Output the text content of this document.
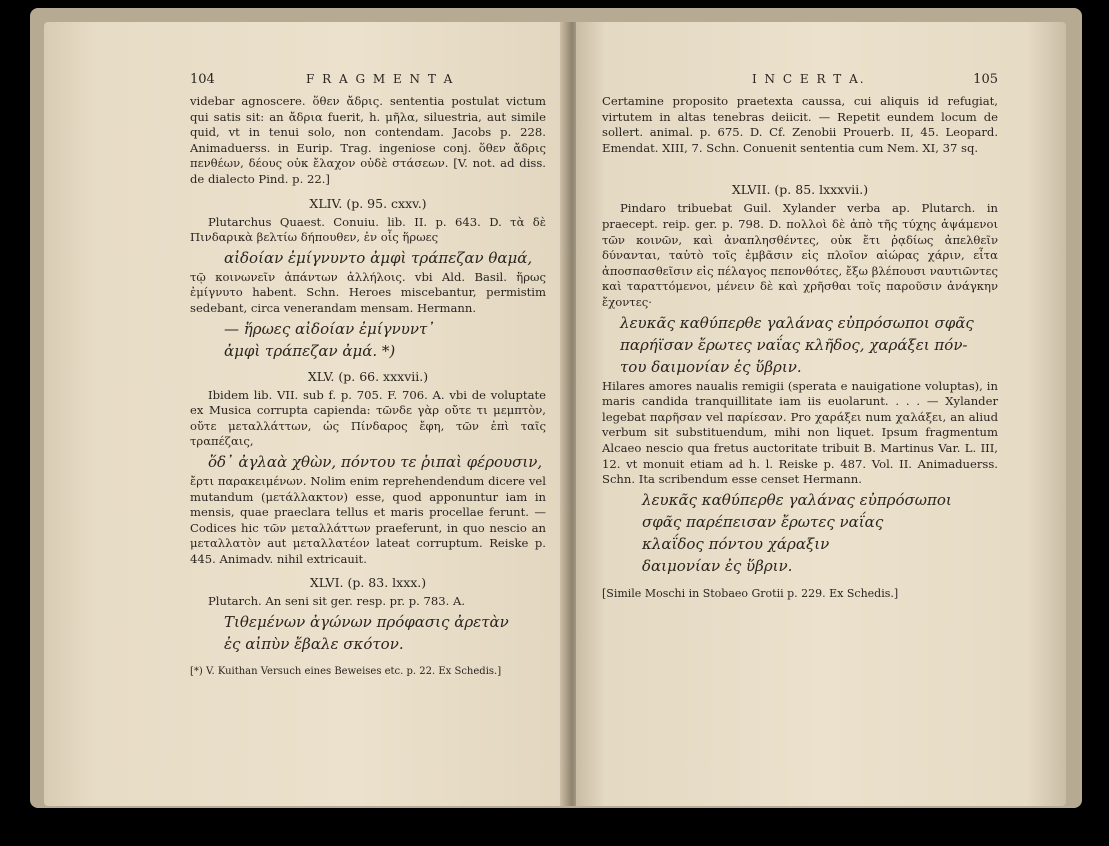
104	F R A G M E N T A

videbar agnoscere. ὅθεν ἄδρις. sententia postulat victum qui satis sit: an ἄδρια fuerit, h. μῆλα, siluestria, aut simile quid, vt in tenui solo, non contendam. Jacobs p. 228. Animaduerss. in Eurip. Trag. ingeniose conj. ὅθεν ἄδρις πενθέων, δέους οὐκ ἔλαχον οὐδὲ στάσεων. [V. not. ad diss. de dialecto Pind. p. 22.]

XLIV. (p. 95. cxxv.)

Plutarchus Quaest. Conuiu. lib. II. p. 643. D. τὰ δὲ Πινδαρικὰ βελτίω δήπουθεν, ἐν οἷς ἥρωες

αἰδοίαν ἐμίγνυντο ἀμφὶ τράπεζαν θαμά,

τῷ κοινωνεῖν ἁπάντων ἀλλήλοις. vbi Ald. Basil. ἥρως ἐμίγνυτο habent. Schn. Heroes miscebantur, permistim sedebant, circa venerandam mensam. Hermann.

— ἥρωες αἰδοίαν ἐμίγνυντ᾽
ἀμφὶ τράπεζαν ἀμά. *)
XLV. (p. 66. xxxvii.)

Ibidem lib. VII. sub f. p. 705. F. 706. A. vbi de voluptate ex Musica corrupta capienda: τῶνδε γὰρ οὔτε τι μεμπτὸν, οὔτε μεταλλάττων, ὡς Πίνδαρος ἔφη, τῶν ἐπὶ ταῖς τραπέζαις,

ὅδ᾽ ἀγλαὰ χθὼν, πόντου τε ῥιπαὶ φέρουσιν,

ἔρτι παρακειμένων. Nolim enim reprehendendum dicere vel mutandum (μετάλλακτον) esse, quod apponuntur iam in mensis, quae praeclara tellus et maris procellae ferunt. — Codices hic τῶν μεταλλάττων praeferunt, in quo nescio an μεταλλατὸν aut μεταλλατέον lateat corruptum. Reiske p. 445. Animadv. nihil extricauit.

XLVI. (p. 83. lxxx.)

Plutarch. An seni sit ger. resp. pr. p. 783. A.

Τιθεμένων ἀγώνων πρόφασις ἀρετὰν
ἐς αἰπὺν ἔβαλε σκότον.

[*) V. Kuithan Versuch eines Beweises etc. p. 22. Ex Schedis.]

I N C E R T A.	105

Certamine proposito praetexta caussa, cui aliquis id refugiat, virtutem in altas tenebras deiicit. — Repetit eundem locum de sollert. animal. p. 675. D. Cf. Zenobii Prouerb. II, 45. Leopard. Emendat. XIII, 7. Schn. Conuenit sententia cum Nem. XI, 37 sq.

XLVII. (p. 85. lxxxvii.)

Pindaro tribuebat Guil. Xylander verba ap. Plutarch. in praecept. reip. ger. p. 798. D. πολλοὶ δὲ ἀπὸ τῆς τύχης ἁψάμενοι τῶν κοινῶν, καὶ ἀναπλησθέντες, οὐκ ἔτι ῥᾳδίως ἀπελθεῖν δύνανται, ταὐτὸ τοῖς ἐμβᾶσιν εἰς πλοῖον αἰώρας χάριν, εἶτα ἀποσπασθεῖσιν εἰς πέλαγος πεπονθότες, ἔξω βλέπουσι ναυτιῶντες καὶ ταραττόμενοι, μένειν δὲ καὶ χρῆσθαι τοῖς παροῦσιν ἀνάγκην ἔχοντες·

λευκᾶς καθύπερθε γαλάνας εὐπρόσωποι σφᾶς
παρήϊσαν ἔρωτες ναΐας κλῆδος, χαράξει πόν-
του δαιμονίαν ἐς ὕβριν.

Hilares amores naualis remigii (sperata e nauigatione voluptas), in maris candida tranquillitate iam iis euolarunt. . . . — Xylander legebat παρῆσαν vel παρίεσαν. Pro χαράξει num χαλάξει, an aliud verbum sit substituendum, mihi non liquet. Ipsum fragmentum Alcaeo nescio qua fretus auctoritate tribuit B. Martinus Var. L. III, 12. vt monuit etiam ad h. l. Reiske p. 487. Vol. II. Animaduerss. Schn. Ita scribendum esse censet Hermann.

λευκᾶς καθύπερθε γαλάνας εὐπρόσωποι
σφᾶς παρέπεισαν ἔρωτες ναΐας
κλαΐδος πόντου χάραξιν
δαιμονίαν ἐς ὕβριν.

[Simile Moschi in Stobaeo Grotii p. 229. Ex Schedis.]
